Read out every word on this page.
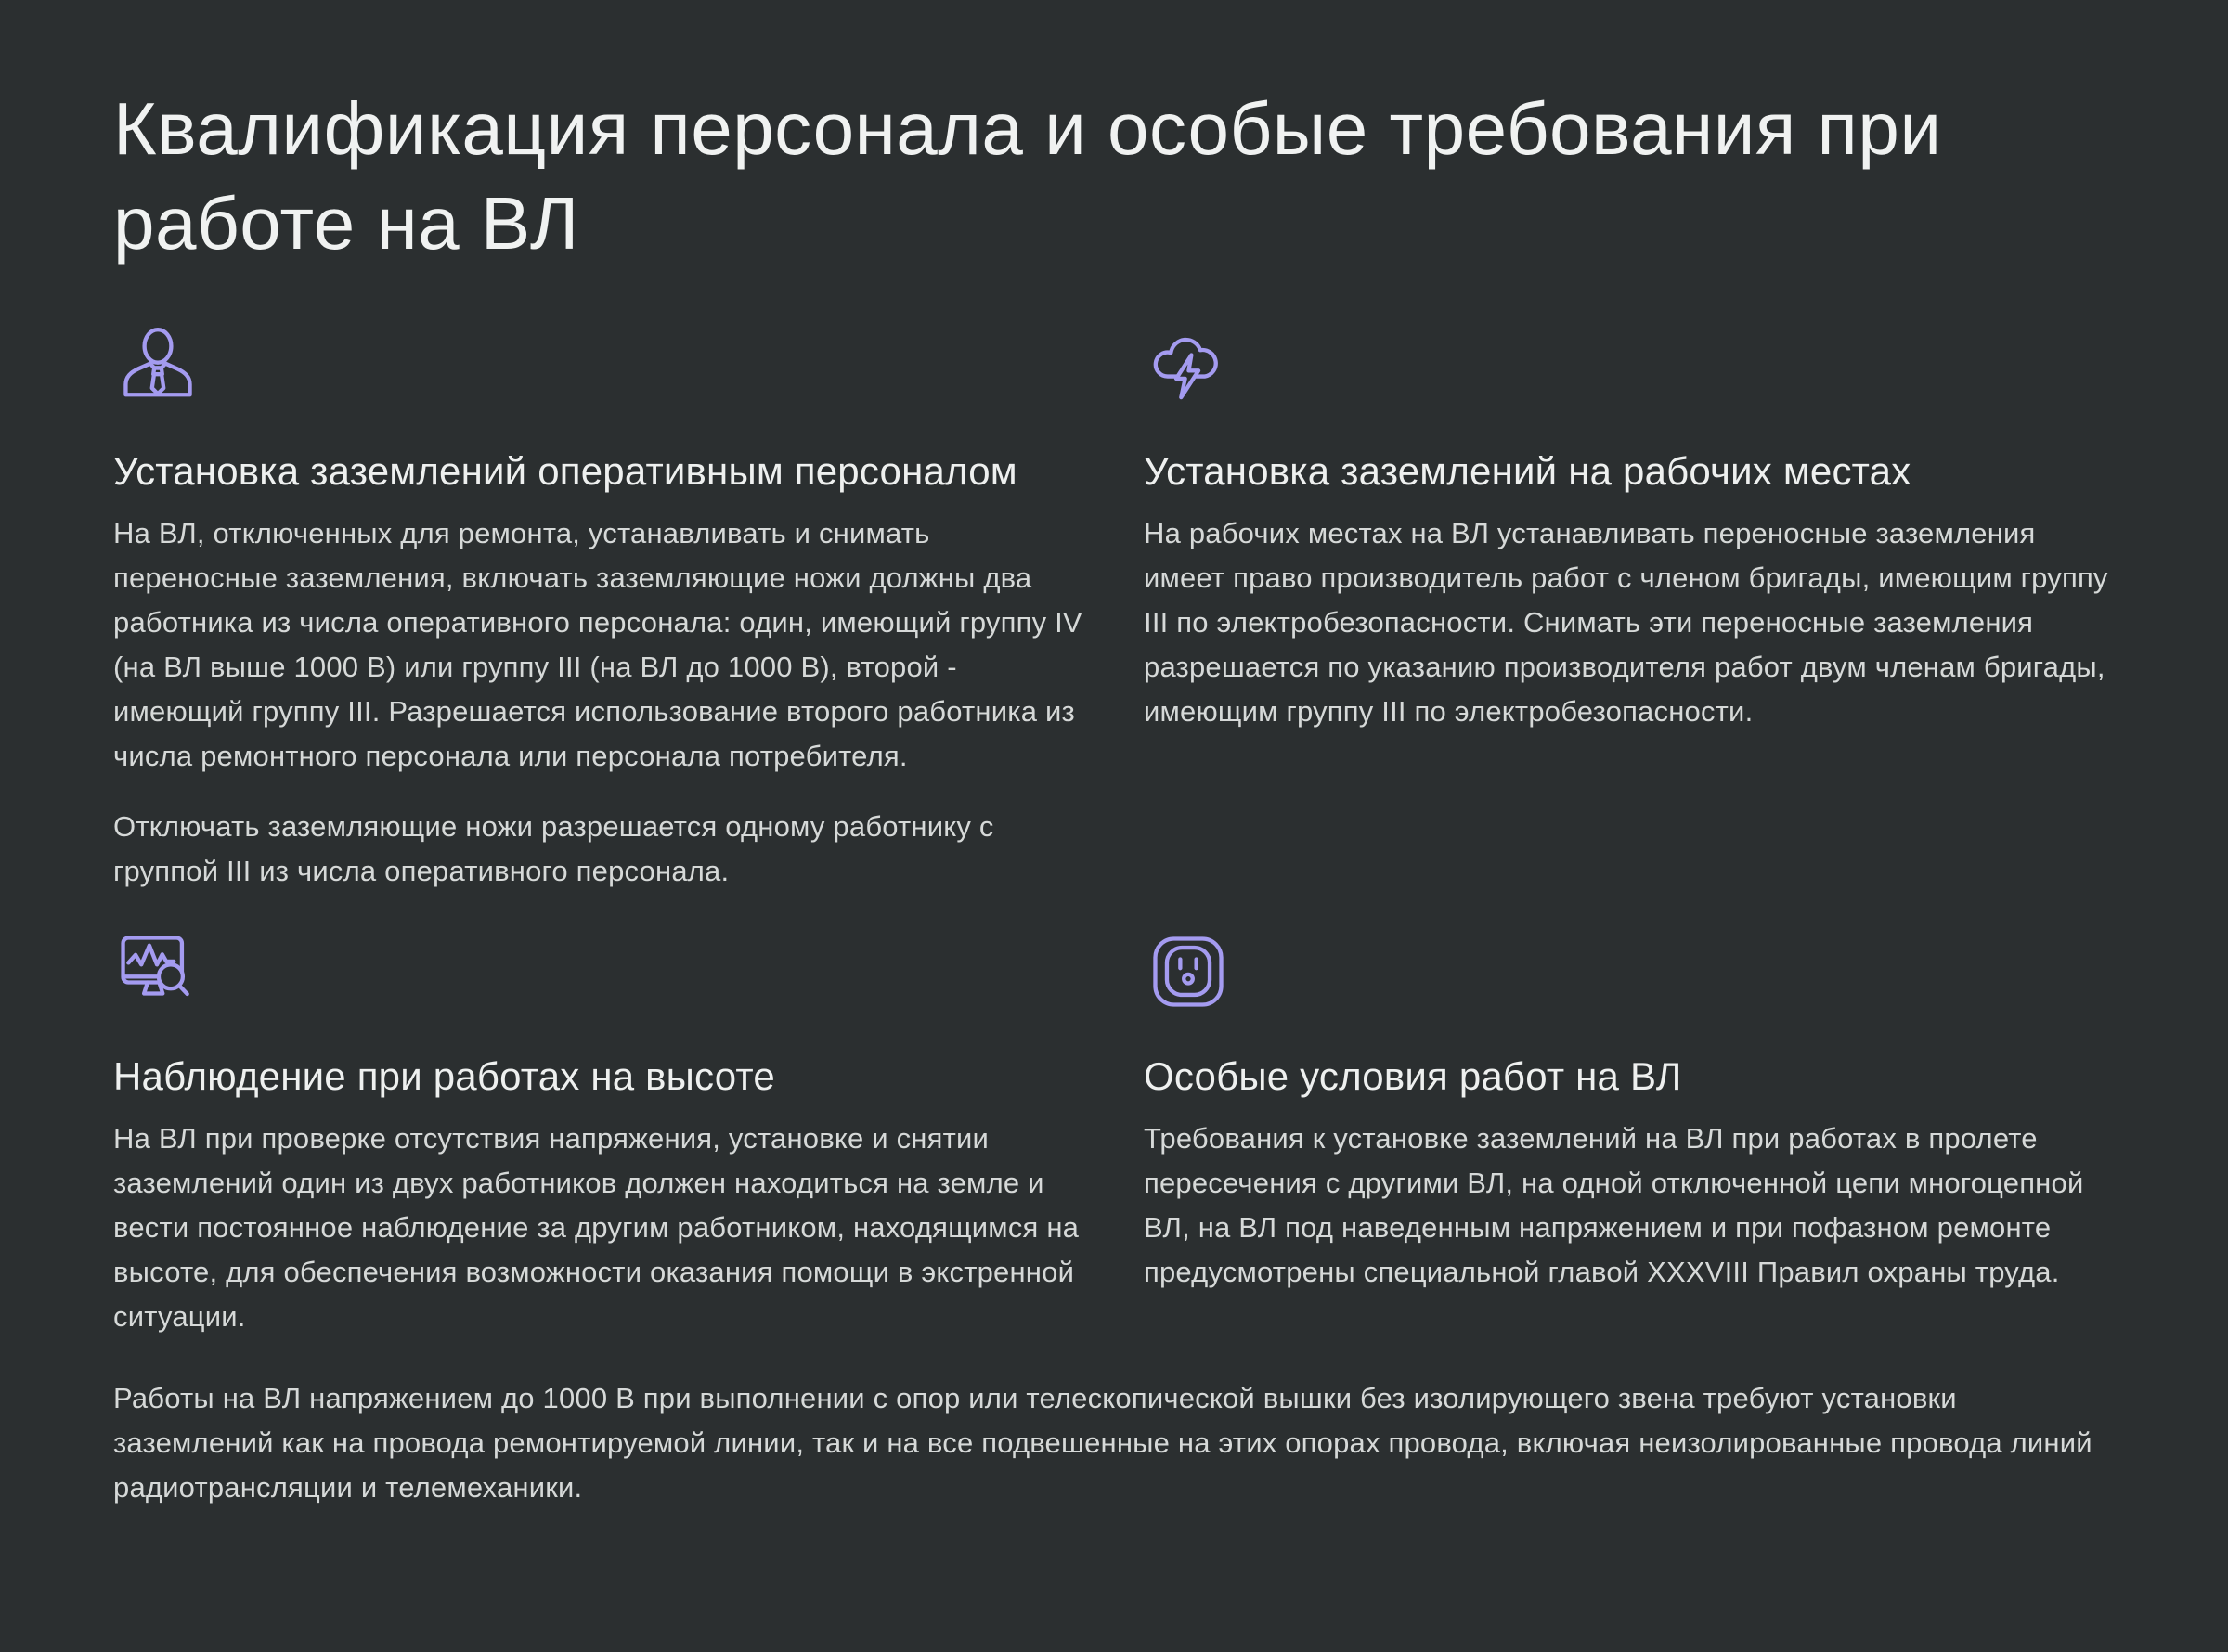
Квалификация персонала и особые требования при работе на ВЛ
Установка заземлений оперативным персоналом

На ВЛ, отключенных для ремонта, устанавливать и снимать переносные заземления, включать заземляющие ножи должны два работника из числа оперативного персонала: один, имеющий группу IV (на ВЛ выше 1000 В) или группу III (на ВЛ до 1000 В), второй - имеющий группу III. Разрешается использование второго работника из числа ремонтного персонала или персонала потребителя.

Отключать заземляющие ножи разрешается одному работнику с группой III из числа оперативного персонала.

Установка заземлений на рабочих местах

На рабочих местах на ВЛ устанавливать переносные заземления имеет право производитель работ с членом бригады, имеющим группу III по электробезопасности. Снимать эти переносные заземления разрешается по указанию производителя работ двум членам бригады, имеющим группу III по электробезопасности.

Наблюдение при работах на высоте

На ВЛ при проверке отсутствия напряжения, установке и снятии заземлений один из двух работников должен находиться на земле и вести постоянное наблюдение за другим работником, находящимся на высоте, для обеспечения возможности оказания помощи в экстренной ситуации.

Особые условия работ на ВЛ

Требования к установке заземлений на ВЛ при работах в пролете пересечения с другими ВЛ, на одной отключенной цепи многоцепной ВЛ, на ВЛ под наведенным напряжением и при пофазном ремонте предусмотрены специальной главой XXXVIII Правил охраны труда.

Работы на ВЛ напряжением до 1000 В при выполнении с опор или телескопической вышки без изолирующего звена требуют установки заземлений как на провода ремонтируемой линии, так и на все подвешенные на этих опорах провода, включая неизолированные провода линий радиотрансляции и телемеханики.
